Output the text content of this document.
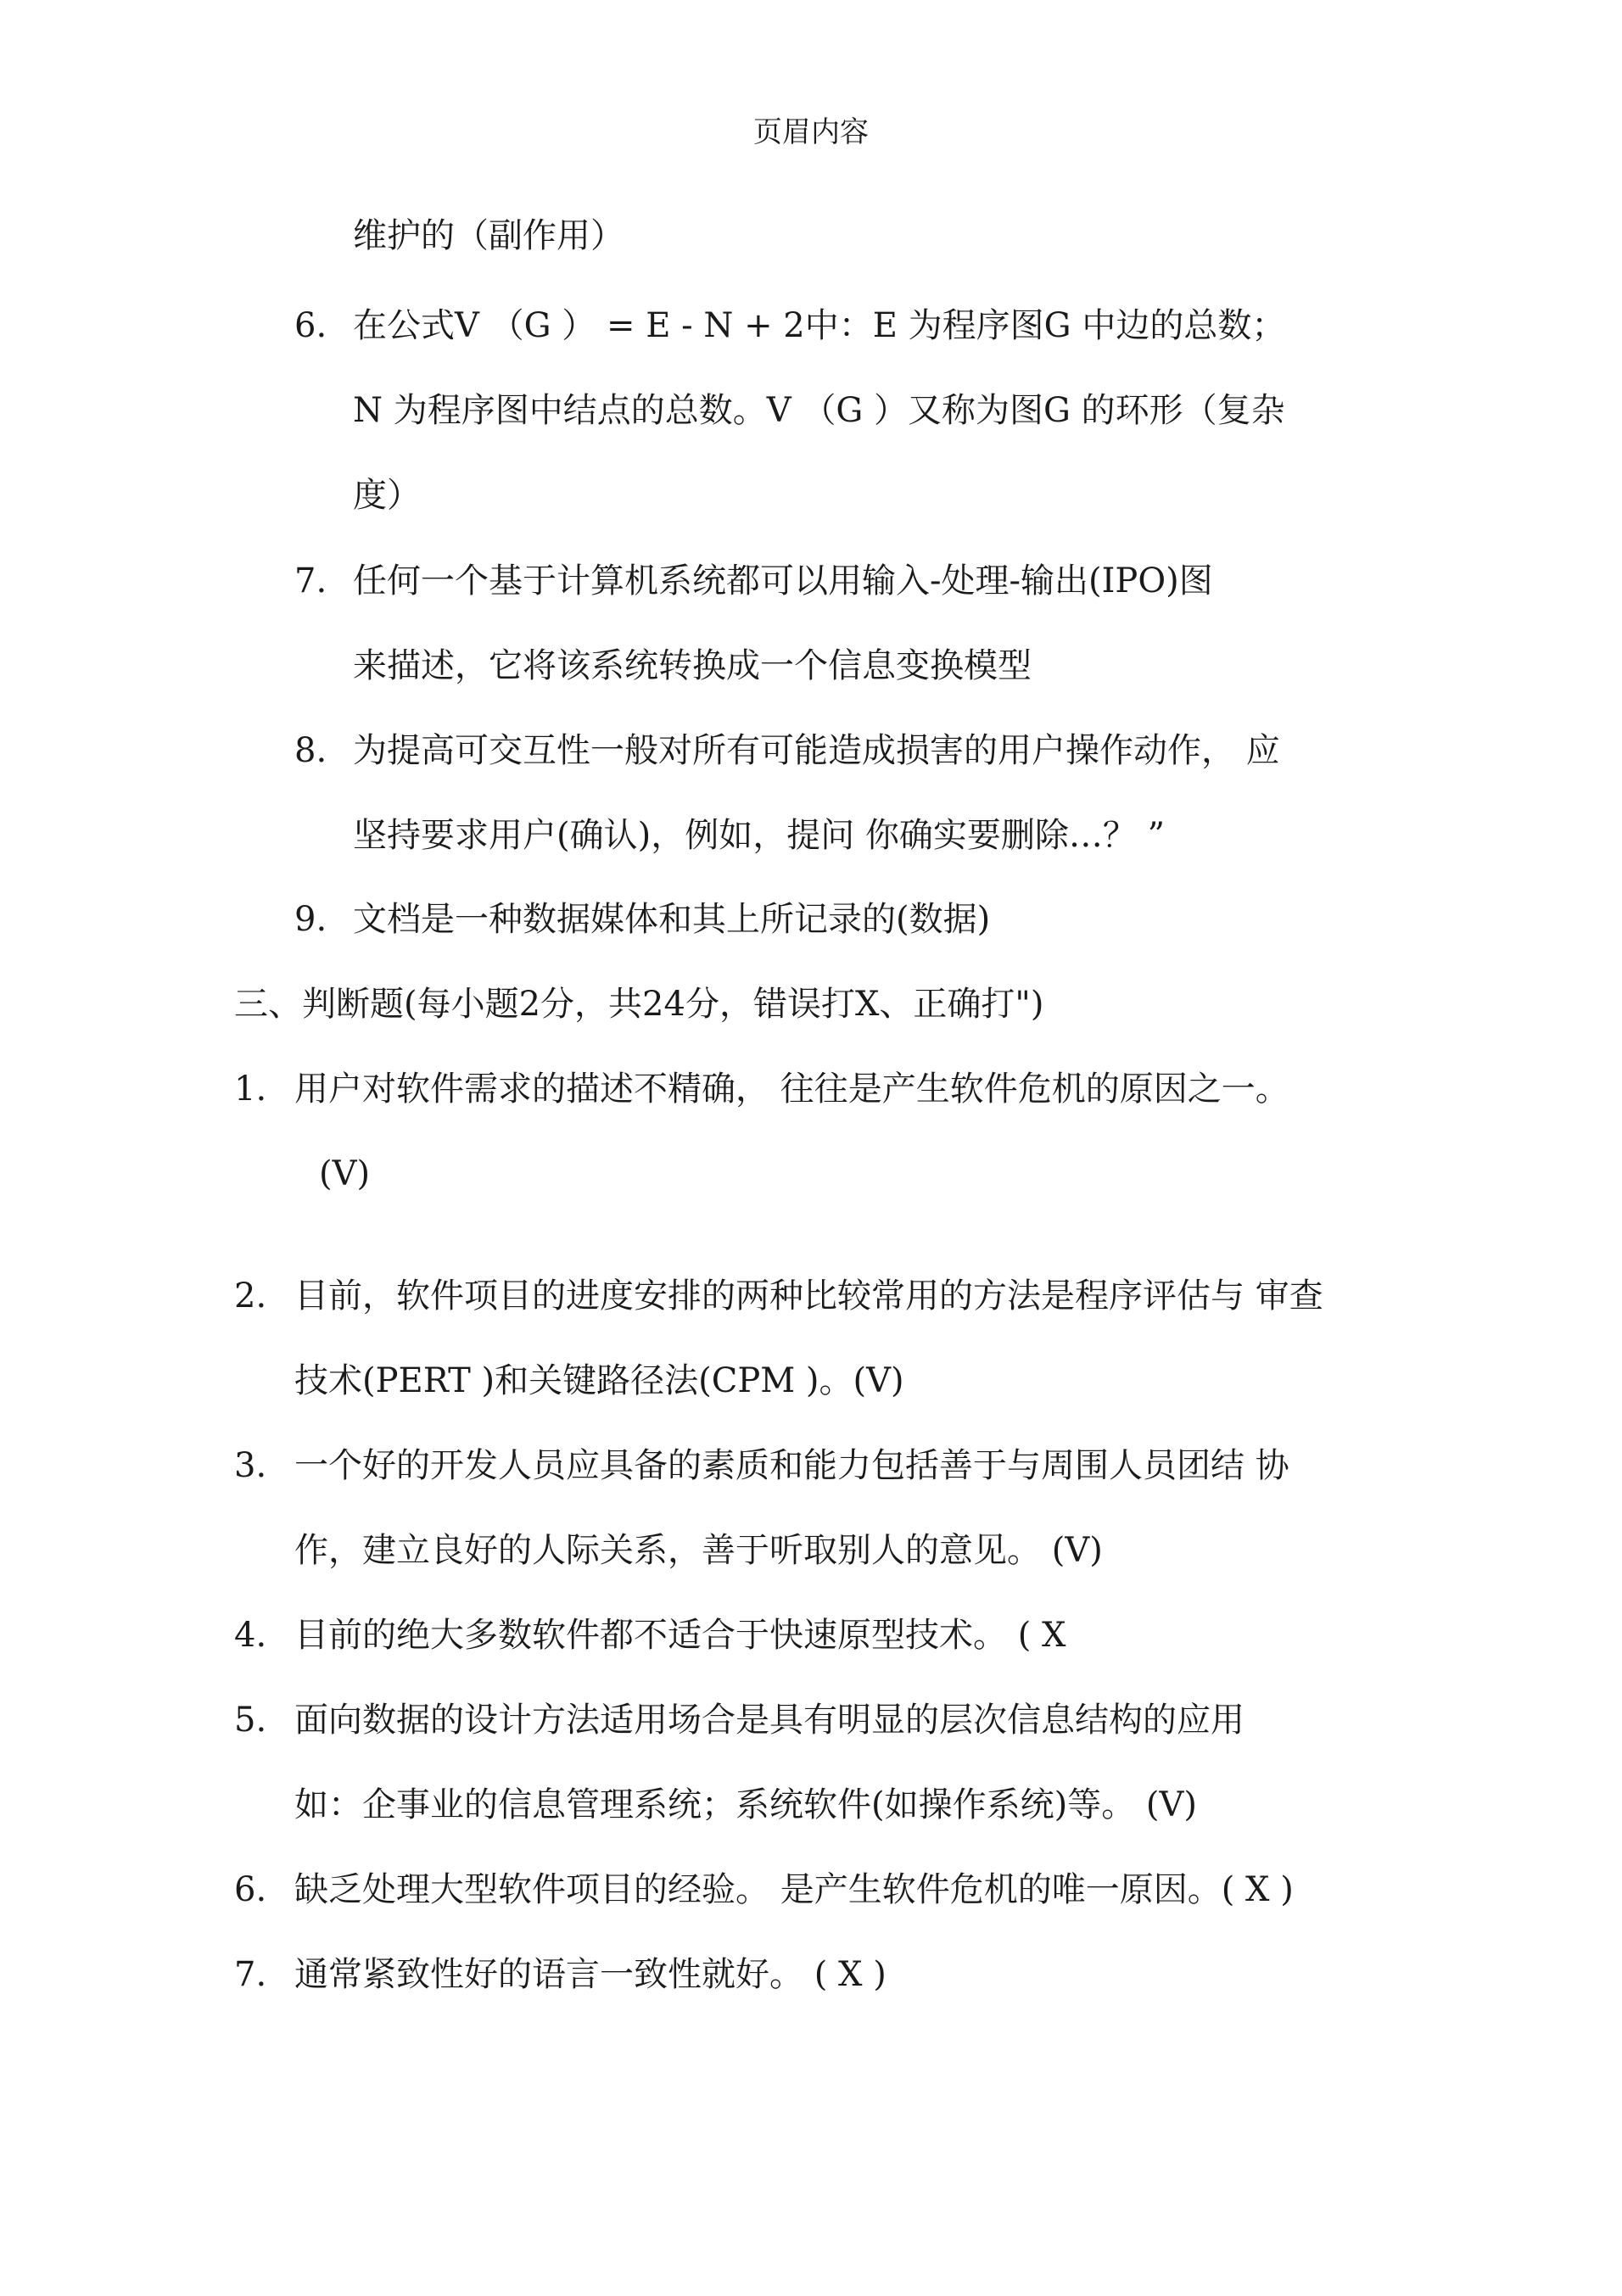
页眉内容
维护的（副作用）
6. 在公式V （G ） = E - N + 2中：E 为程序图G 中边的总数；
N 为程序图中结点的总数。V （G ）又称为图G 的环形（复杂
度）
7. 任何一个基于计算机系统都可以用输入-处理-输出(IPO)图
来描述，它将该系统转换成一个信息变换模型
8. 为提高可交互性一般对所有可能造成损害的用户操作动作， 应
坚持要求用户(确认)，例如，提问 你确实要删除…？ ”
9. 文档是一种数据媒体和其上所记录的(数据)
三、判断题(每小题2分，共24分，错误打X、正确打")
1. 用户对软件需求的描述不精确， 往往是产生软件危机的原因之一。
(V)
2. 目前，软件项目的进度安排的两种比较常用的方法是程序评估与 审查
技术(PERT )和关键路径法(CPM )。(V)
3. 一个好的开发人员应具备的素质和能力包括善于与周围人员团结 协
作，建立良好的人际关系，善于听取别人的意见。 (V)
4. 目前的绝大多数软件都不适合于快速原型技术。 ( X
5. 面向数据的设计方法适用场合是具有明显的层次信息结构的应用
如：企事业的信息管理系统；系统软件(如操作系统)等。 (V)
6. 缺乏处理大型软件项目的经验。 是产生软件危机的唯一原因。( X )
7. 通常紧致性好的语言一致性就好。 ( X )
